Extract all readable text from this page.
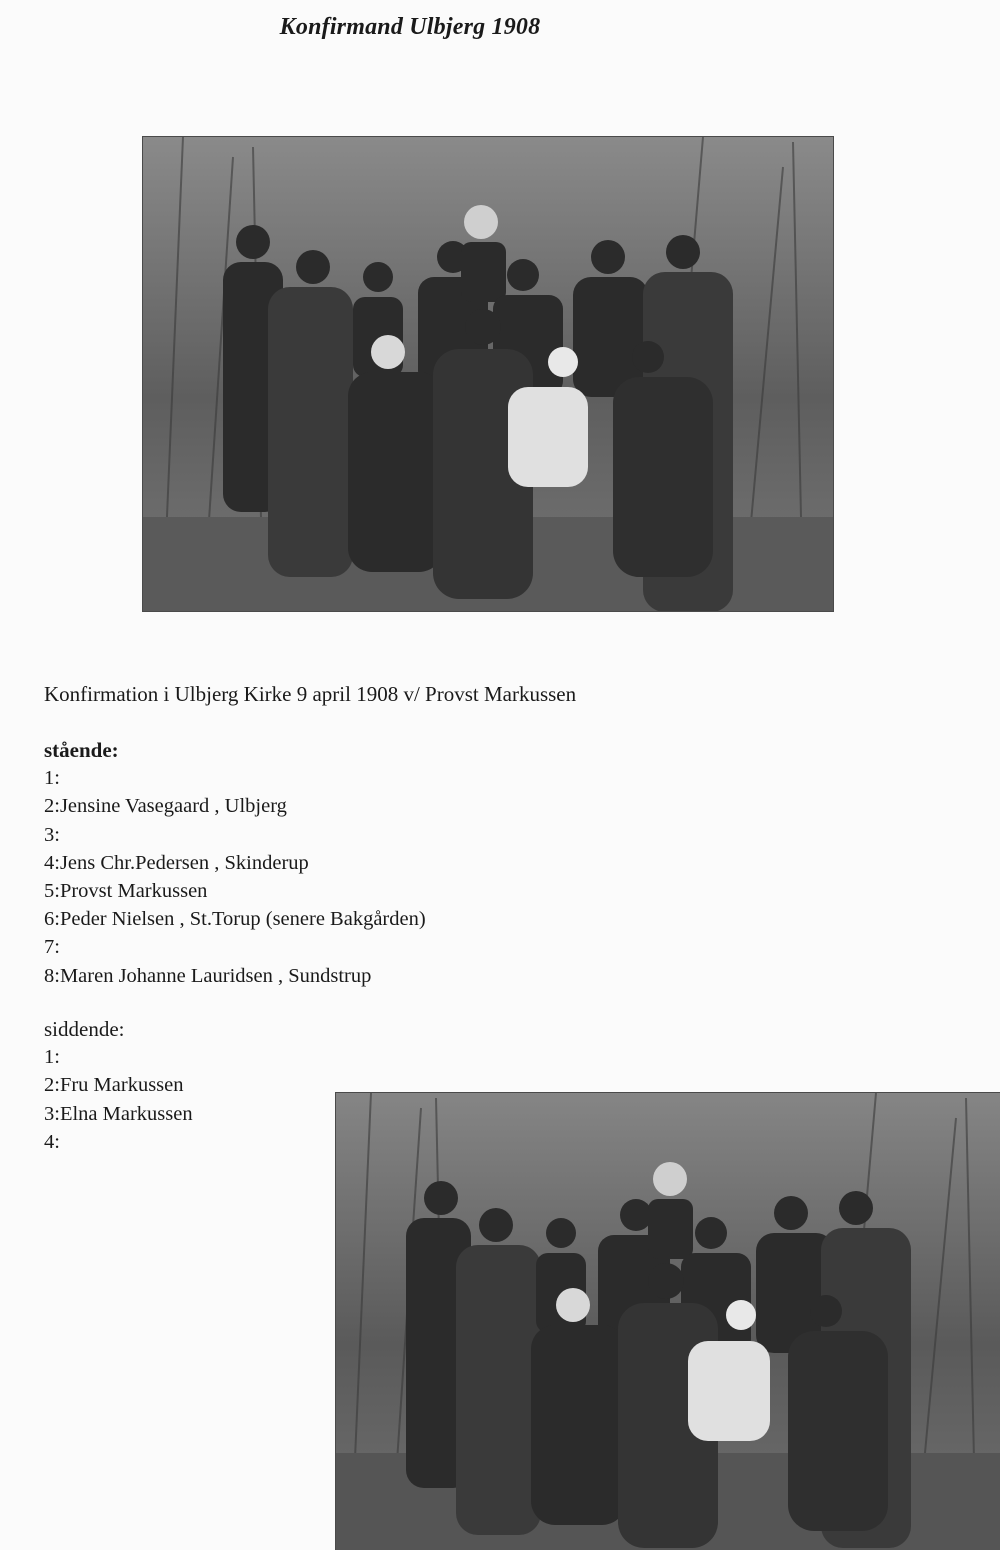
Konfirmand Ulbjerg 1908
Konfirmation i Ulbjerg Kirke 9 april 1908 v/ Provst Markussen
stående:
1:
2:Jensine Vasegaard , Ulbjerg
3:
4:Jens Chr.Pedersen , Skinderup
5:Provst Markussen
6:Peder Nielsen , St.Torup (senere Bakgården)
7:
8:Maren Johanne Lauridsen , Sundstrup
siddende:
1:
2:Fru Markussen
3:Elna Markussen
4:
